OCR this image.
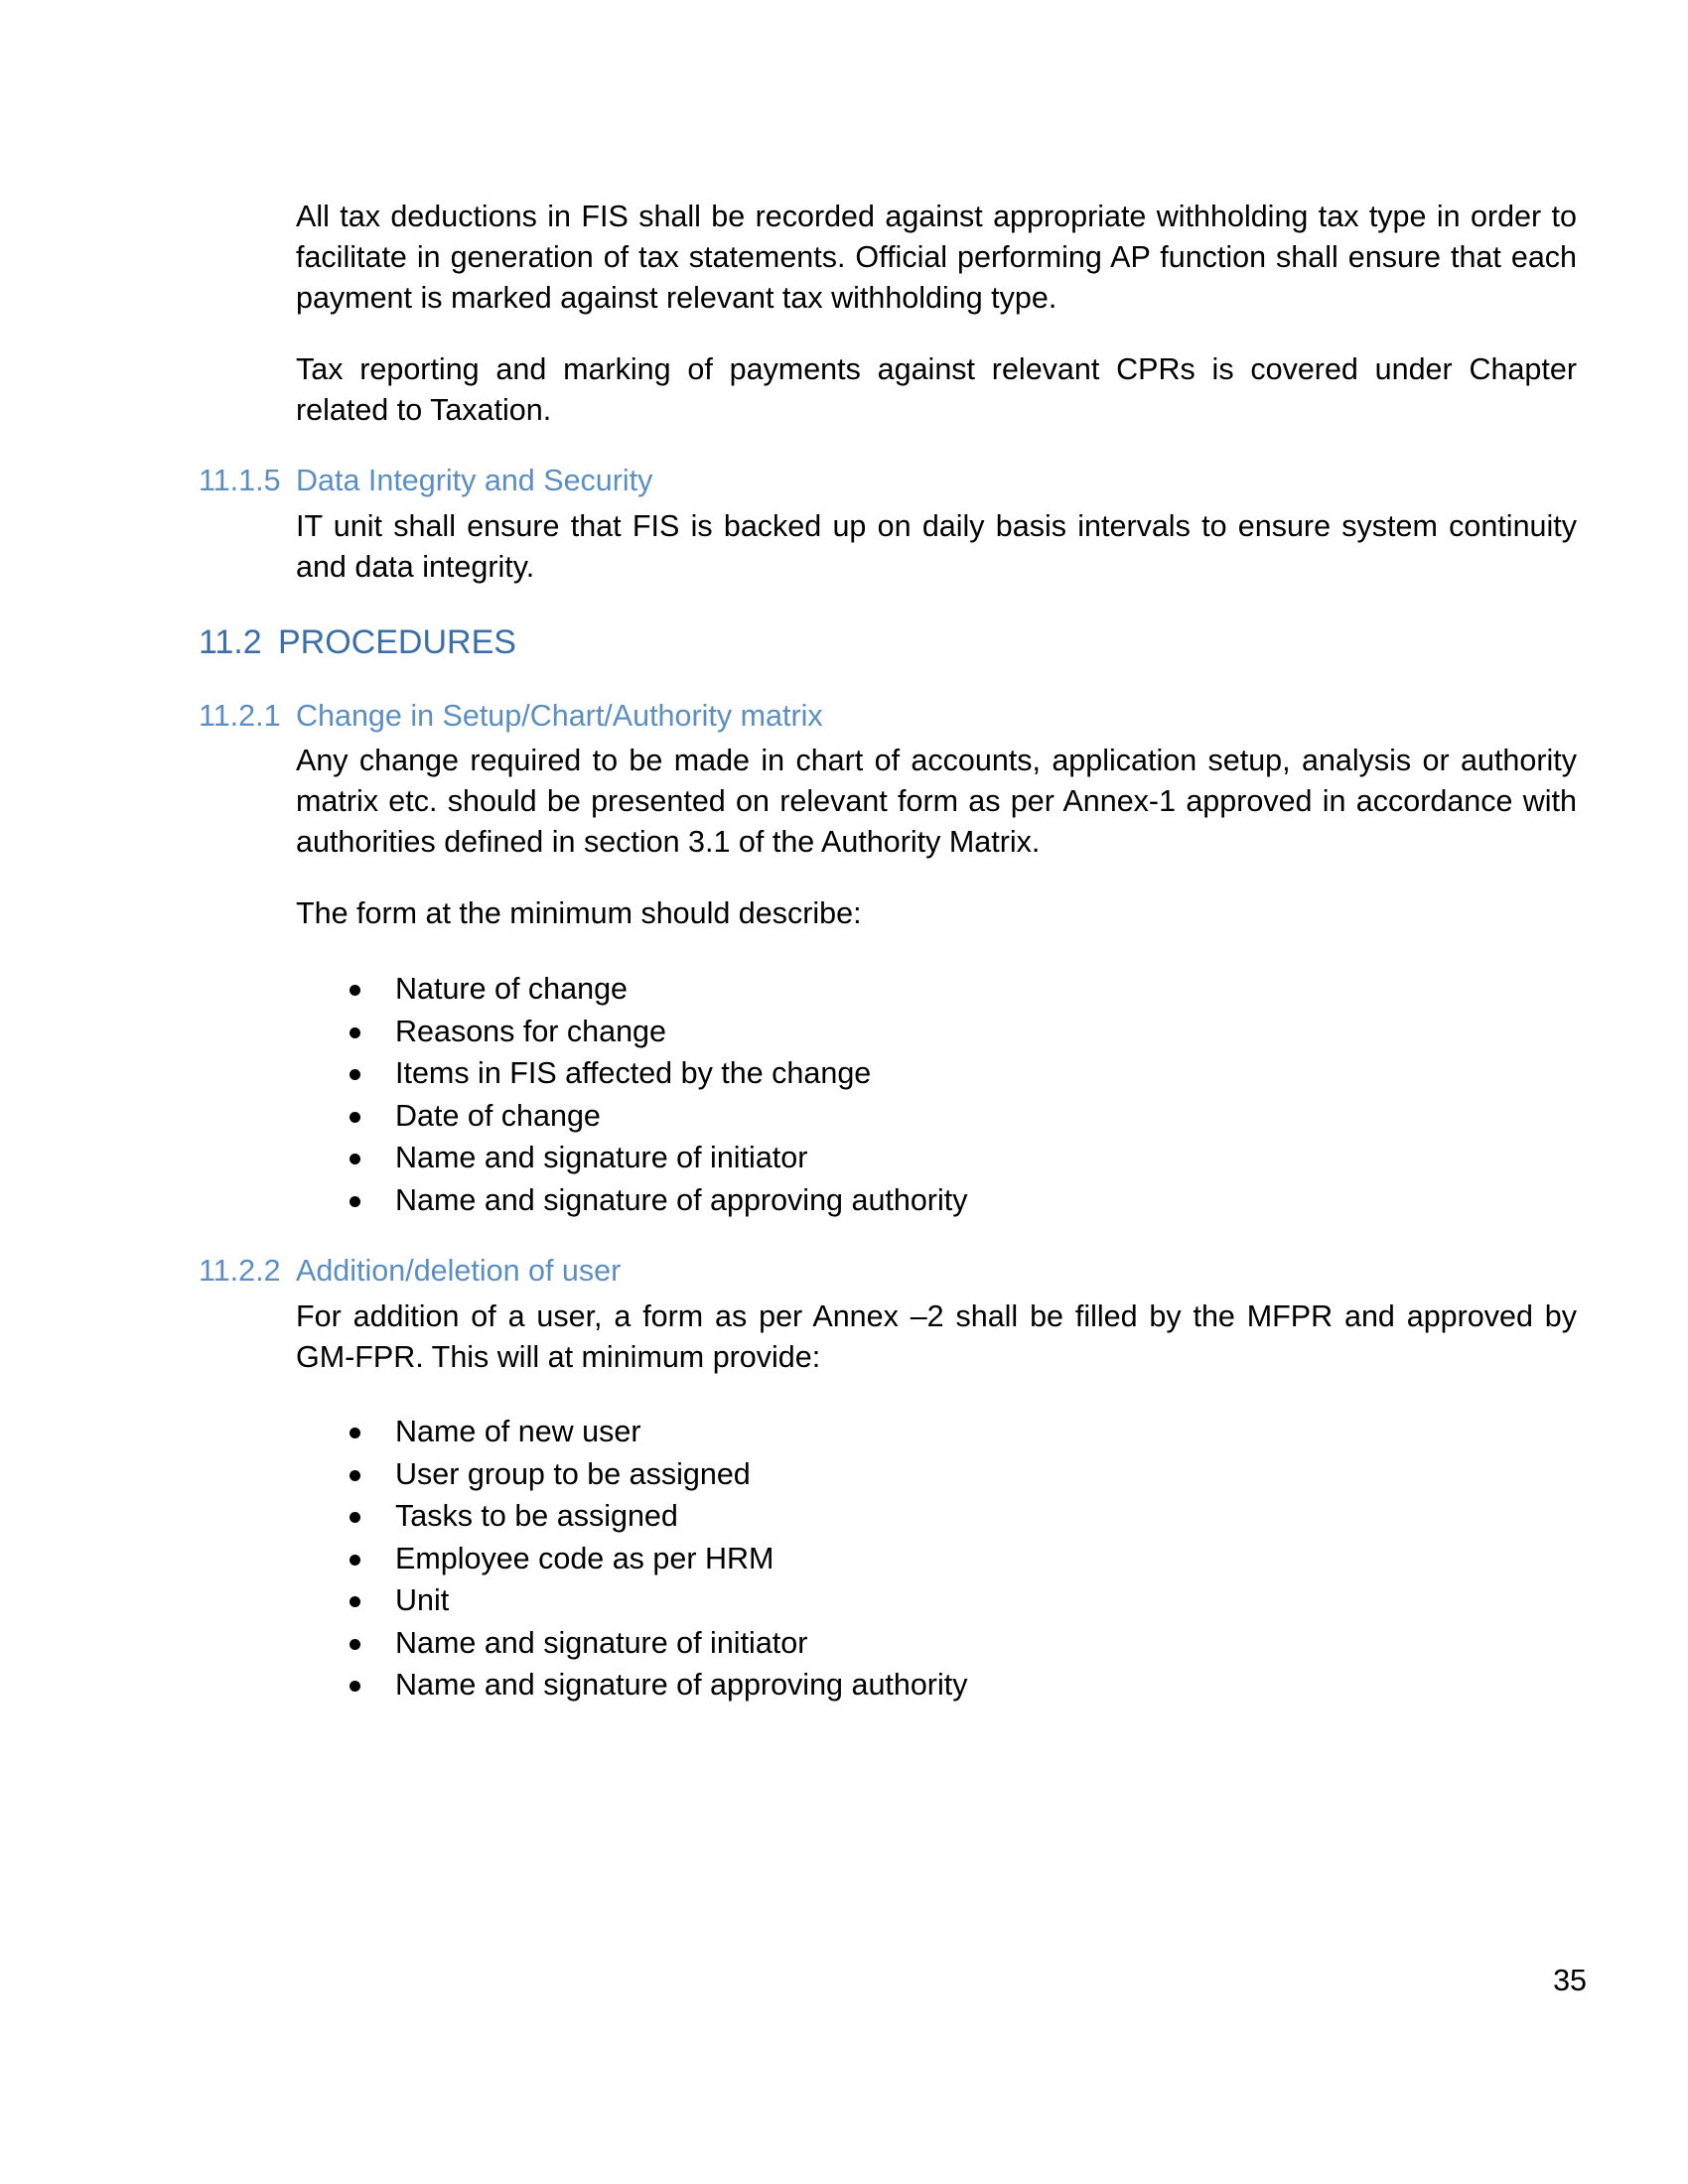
All tax deductions in FIS shall be recorded against appropriate withholding tax type in order to facilitate in generation of tax statements. Official performing AP function shall ensure that each payment is marked against relevant tax withholding type.

Tax reporting and marking of payments against relevant CPRs is covered under Chapter related to Taxation.

11.1.5 Data Integrity and Security

IT unit shall ensure that FIS is backed up on daily basis intervals to ensure system continuity and data integrity.

11.2 PROCEDURES
11.2.1 Change in Setup/Chart/Authority matrix

Any change required to be made in chart of accounts, application setup, analysis or authority matrix etc. should be presented on relevant form as per Annex-1 approved in accordance with authorities defined in section 3.1 of the Authority Matrix.

The form at the minimum should describe:

Nature of change
Reasons for change
Items in FIS affected by the change
Date of change
Name and signature of initiator
Name and signature of approving authority
11.2.2 Addition/deletion of user

For addition of a user, a form as per Annex –2 shall be filled by the MFPR and approved by GM-FPR. This will at minimum provide:

Name of new user
User group to be assigned
Tasks to be assigned
Employee code as per HRM
Unit
Name and signature of initiator
Name and signature of approving authority

35
